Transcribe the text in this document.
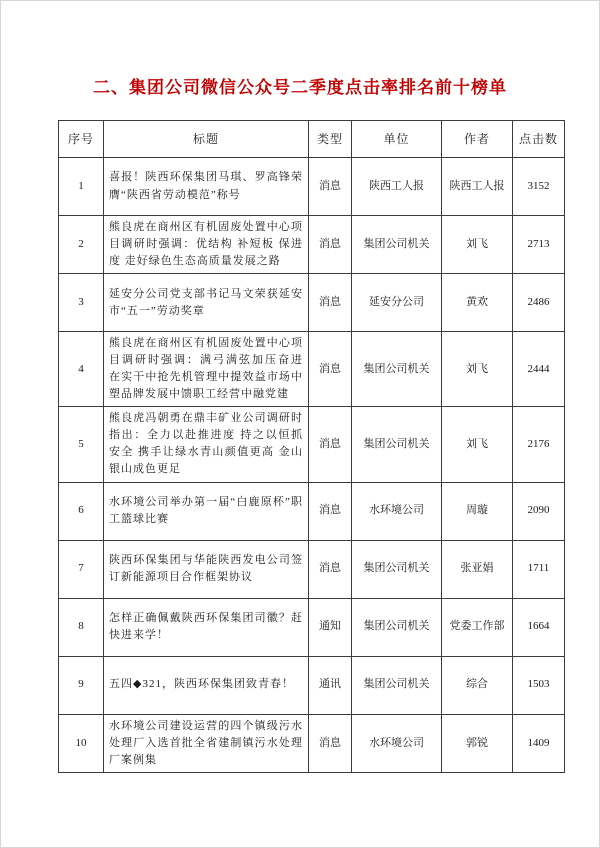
二、集团公司微信公众号二季度点击率排名前十榜单
序号	标题	类型	单位	作者	点击数
1	喜报！陕西环保集团马琪、罗高锋荣膺“陕西省劳动模范”称号	消息	陕西工人报	陕西工人报	3152
2	熊良虎在商州区有机固废处置中心项目调研时强调：优结构 补短板 保进度 走好绿色生态高质量发展之路	消息	集团公司机关	刘飞	2713
3	延安分公司党支部书记马文荣获延安市“五一”劳动奖章	消息	延安分公司	黄欢	2486
4	熊良虎在商州区有机固废处置中心项目调研时强调：满弓满弦加压奋进 在实干中抢先机管理中提效益市场中塑品牌发展中馈职工经营中融党建	消息	集团公司机关	刘飞	2444
5	熊良虎冯朝勇在鼎丰矿业公司调研时指出：全力以赴推进度 持之以恒抓安全 携手让绿水青山颜值更高 金山银山成色更足	消息	集团公司机关	刘飞	2176
6	水环境公司举办第一届“白鹿原杯”职工篮球比赛	消息	水环境公司	周璇	2090
7	陕西环保集团与华能陕西发电公司签订新能源项目合作框架协议	消息	集团公司机关	张亚娟	1711
8	怎样正确佩戴陕西环保集团司徽？赶快进来学！	通知	集团公司机关	党委工作部	1664
9	五四◆321，陕西环保集团致青春！	通讯	集团公司机关	综合	1503
10	水环境公司建设运营的四个镇级污水处理厂入选首批全省建制镇污水处理厂案例集	消息	水环境公司	郭锐	1409
